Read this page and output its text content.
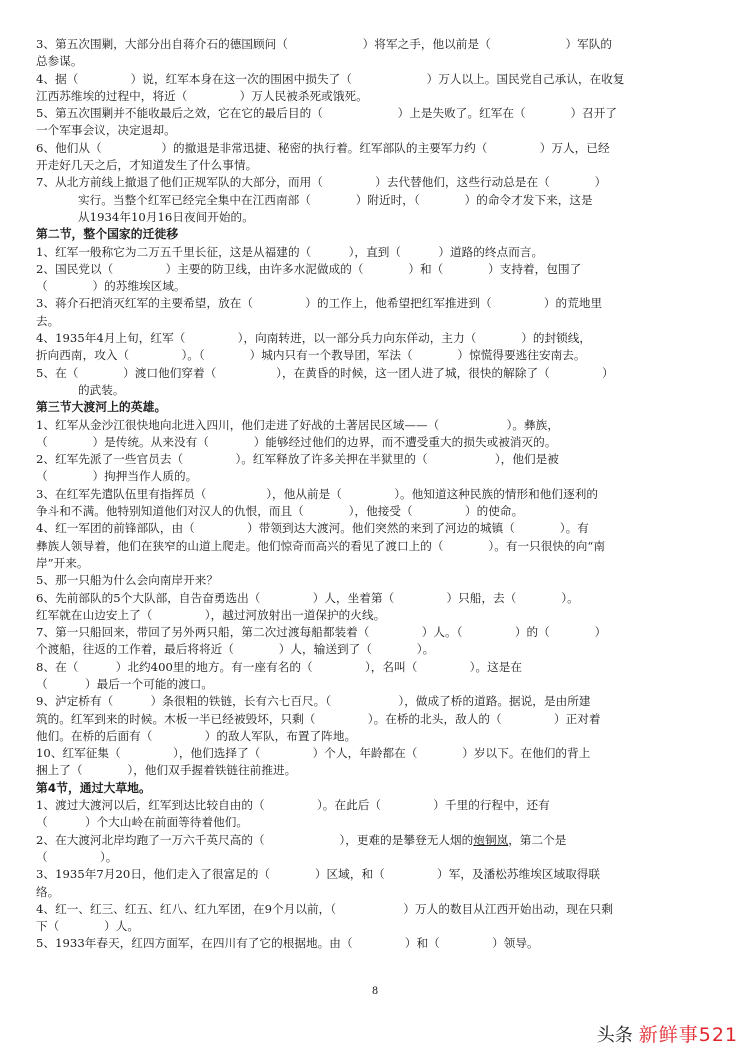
3、第五次围剿，大部分出自蒋介石的德国顾问（                    ）将军之手，他以前是（                    ）军队的

总参谋。

4、据（              ）说，红军本身在这一次的围困中损失了（                    ）万人以上。国民党自己承认，在收复

江西苏维埃的过程中，将近（              ）万人民被杀死或饿死。

5、第五次围剿并不能收最后之效，它在它的最后目的（                    ）上是失败了。红军在（            ）召开了

一个军事会议，决定退却。

6、他们从（                ）的撤退是非常迅捷、秘密的执行着。红军部队的主要军力约（              ）万人，已经

开走好几天之后，才知道发生了什么事情。

7、从北方前线上撤退了他们正规军队的大部分，而用（              ）去代替他们，这些行动总是在（            ）

实行。当整个红军已经完全集中在江西南部（            ）附近时，（            ）的命令才发下来，这是

从1934年10月16日夜间开始的。

第二节，整个国家的迁徙移

1、红军一般称它为二万五千里长征，这是从福建的（          ），直到（          ）道路的终点而言。

2、国民党以（              ）主要的防卫线，由许多水泥做成的（            ）和（            ）支持着，包围了

（            ）的苏维埃区域。

3、蒋介石把消灭红军的主要希望，放在（              ）的工作上，他希望把红军推进到（              ）的荒地里

去。

4、1935年4月上旬，红军（              ），向南转进，以一部分兵力向东佯动，主力（            ）的封锁线，

折向西南，攻入（              ）。（            ）城内只有一个教导团，军法（            ）惊慌得要逃往安南去。

5、在（            ）渡口他们穿着（                ），在黄昏的时候，这一团人进了城，很快的解除了（              ）

的武装。

第三节大渡河上的英雄。

1、红军从金沙江很快地向北进入四川，他们走进了好战的土著居民区域——（                  ）。彝族，

（            ）是传统。从来没有（            ）能够经过他们的边界，而不遭受重大的损失或被消灭的。

2、红军先派了一些官员去（              ）。红军释放了许多关押在半狱里的（                  ），他们是被

（            ）拘押当作人质的。

3、在红军先遣队伍里有指挥员（                ），他从前是（              ）。他知道这种民族的情形和他们逐利的

争斗和不满。他特别知道他们对汉人的仇恨，而且（            ），他接受（              ）的使命。

4、红一军团的前锋部队，由（              ）带领到达大渡河。他们突然的来到了河边的城镇（            ）。有

彝族人领导着，他们在狭窄的山道上爬走。他们惊奇而高兴的看见了渡口上的（            ）。有一只很快的向“南

岸”开来。

5、那一只船为什么会向南岸开来？

6、先前部队的5个大队部，自告奋勇选出（              ）人，坐着第（              ）只船，去（            ）。

红军就在山边安上了（              ），越过河放射出一道保护的火线。

7、第一只船回来，带回了另外两只船，第二次过渡每船都装着（              ）人。（              ）的（            ）

个渡船，往返的工作着，最后将将近（            ）人，输送到了（            ）。

8、在（          ）北约400里的地方。有一座有名的（              ），名叫（              ）。这是在

（          ）最后一个可能的渡口。

9、泸定桥有（          ）条很粗的铁链，长有六七百尺。（                  ），做成了桥的道路。据说，是由所建

筑的。红军到来的时候。木板一半已经被毁坏，只剩（              ）。在桥的北头，敌人的（              ）正对着

他们。在桥的后面有（              ）的敌人军队，布置了阵地。

10、红军征集（              ），他们选择了（              ）个人，年龄都在（            ）岁以下。在他们的背上

捆上了（            ），他们双手握着铁链往前推进。

第4节，通过大草地。

1、渡过大渡河以后，红军到达比较自由的（              ）。在此后（              ）千里的行程中，还有

（          ）个大山岭在前面等待着他们。

2、在大渡河北岸均跑了一万六千英尺高的（                    ），更难的是攀登无人烟的炮铜岚，第二个是

（              ）。

3、1935年7月20日，他们走入了很富足的（            ）区域，和（              ）军，及潘松苏维埃区域取得联

络。

4、红一、红三、红五、红八、红九军团，在9个月以前，（                  ）万人的数目从江西开始出动，现在只剩

下（            ）人。

5、1933年春天，红四方面军，在四川有了它的根据地。由（              ）和（              ）领导。

8
头条 新鲜事521
